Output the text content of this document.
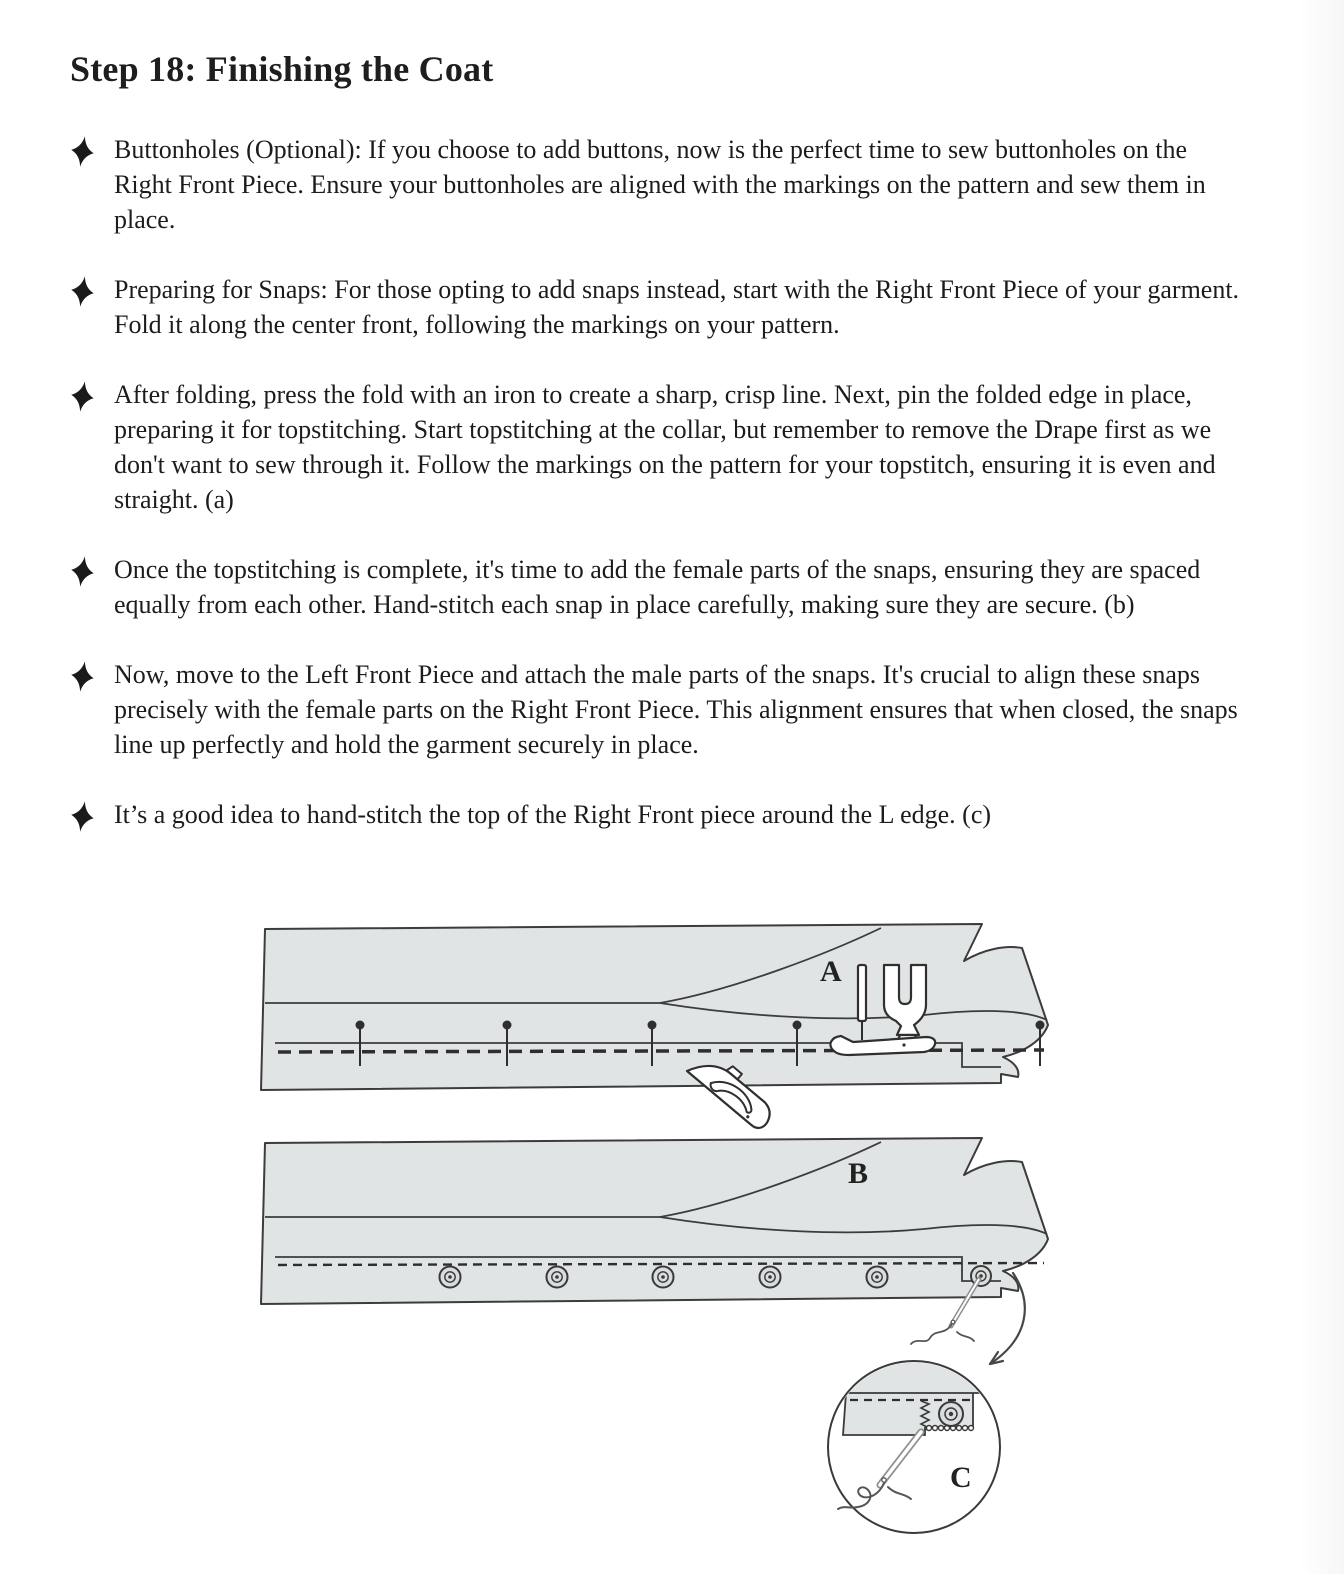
Step 18: Finishing the Coat

Buttonholes (Optional): If you choose to add buttons, now is the perfect time to sew buttonholes on the Right Front Piece. Ensure your buttonholes are aligned with the markings on the pattern and sew them in place.

Preparing for Snaps: For those opting to add snaps instead, start with the Right Front Piece of your garment. Fold it along the center front, following the markings on your pattern.

After folding, press the fold with an iron to create a sharp, crisp line. Next, pin the folded edge in place, preparing it for topstitching. Start topstitching at the collar, but remember to remove the Drape first as we don't want to sew through it. Follow the markings on the pattern for your topstitch, ensuring it is even and straight. (a)

Once the topstitching is complete, it's time to add the female parts of the snaps, ensuring they are spaced equally from each other. Hand-stitch each snap in place carefully, making sure they are secure. (b)

Now, move to the Left Front Piece and attach the male parts of the snaps. It's crucial to align these snaps precisely with the female parts on the Right Front Piece. This alignment ensures that when closed, the snaps line up perfectly and hold the garment securely in place.

It’s a good idea to hand-stitch the top of the Right Front piece around the L edge. (c)

A
B
C
